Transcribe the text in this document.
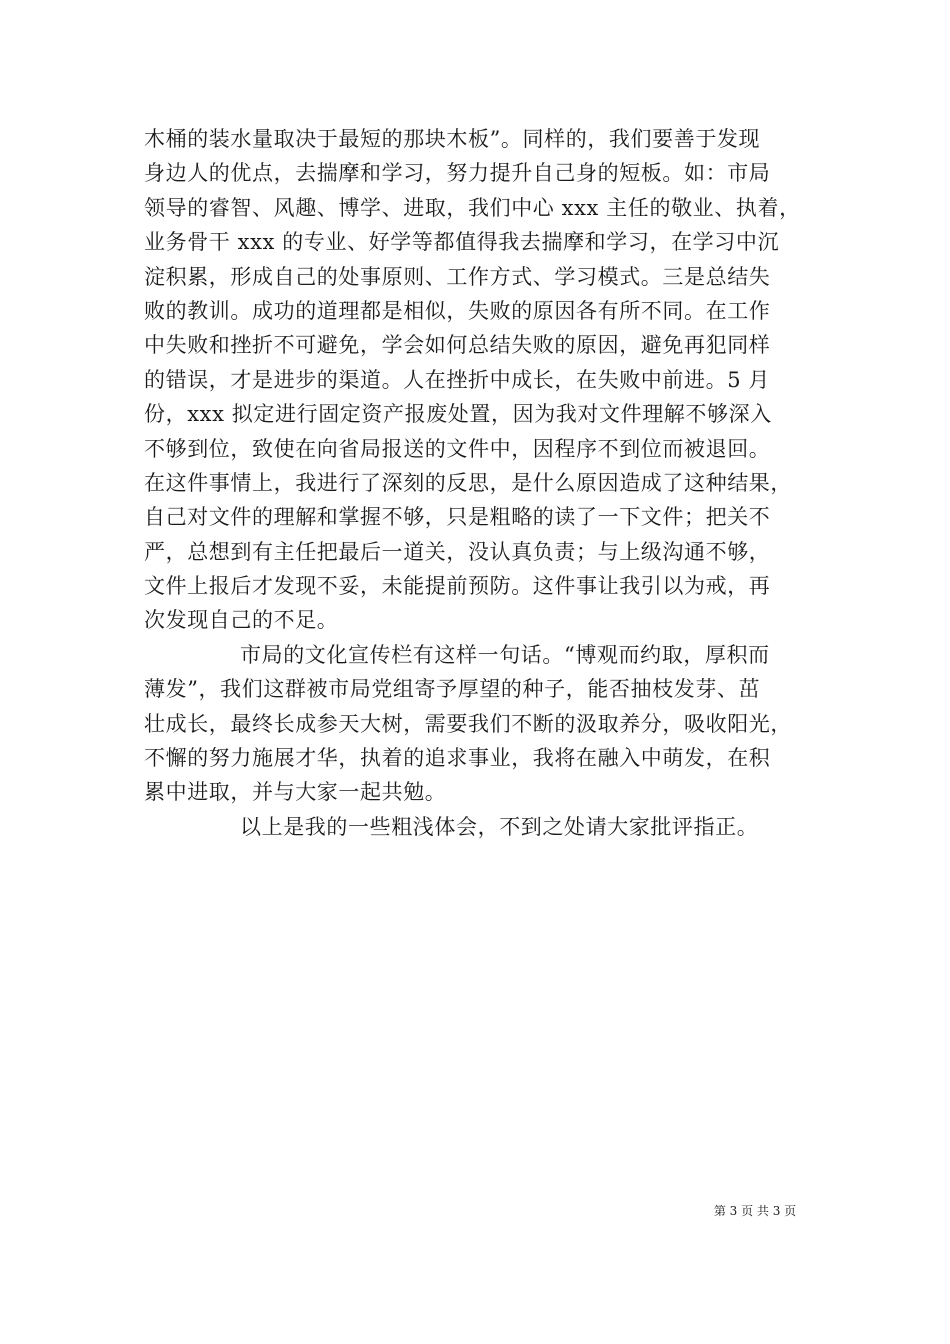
木桶的装水量取决于最短的那块木板”。同样的，我们要善于发现
身边人的优点，去揣摩和学习，努力提升自己身的短板。如：市局
领导的睿智、风趣、博学、进取，我们中心 xxx 主任的敬业、执着，
业务骨干 xxx 的专业、好学等都值得我去揣摩和学习，在学习中沉
淀积累，形成自己的处事原则、工作方式、学习模式。三是总结失
败的教训。成功的道理都是相似，失败的原因各有所不同。在工作
中失败和挫折不可避免，学会如何总结失败的原因，避免再犯同样
的错误，才是进步的渠道。人在挫折中成长，在失败中前进。5 月
份，xxx 拟定进行固定资产报废处置，因为我对文件理解不够深入
不够到位，致使在向省局报送的文件中，因程序不到位而被退回。
在这件事情上，我进行了深刻的反思，是什么原因造成了这种结果，
自己对文件的理解和掌握不够，只是粗略的读了一下文件；把关不
严，总想到有主任把最后一道关，没认真负责；与上级沟通不够，
文件上报后才发现不妥，未能提前预防。这件事让我引以为戒，再
次发现自己的不足。
市局的文化宣传栏有这样一句话。“博观而约取，厚积而
薄发”，我们这群被市局党组寄予厚望的种子，能否抽枝发芽、茁
壮成长，最终长成参天大树，需要我们不断的汲取养分，吸收阳光，
不懈的努力施展才华，执着的追求事业，我将在融入中萌发，在积
累中进取，并与大家一起共勉。
以上是我的一些粗浅体会，不到之处请大家批评指正。
第 3 页 共 3 页
